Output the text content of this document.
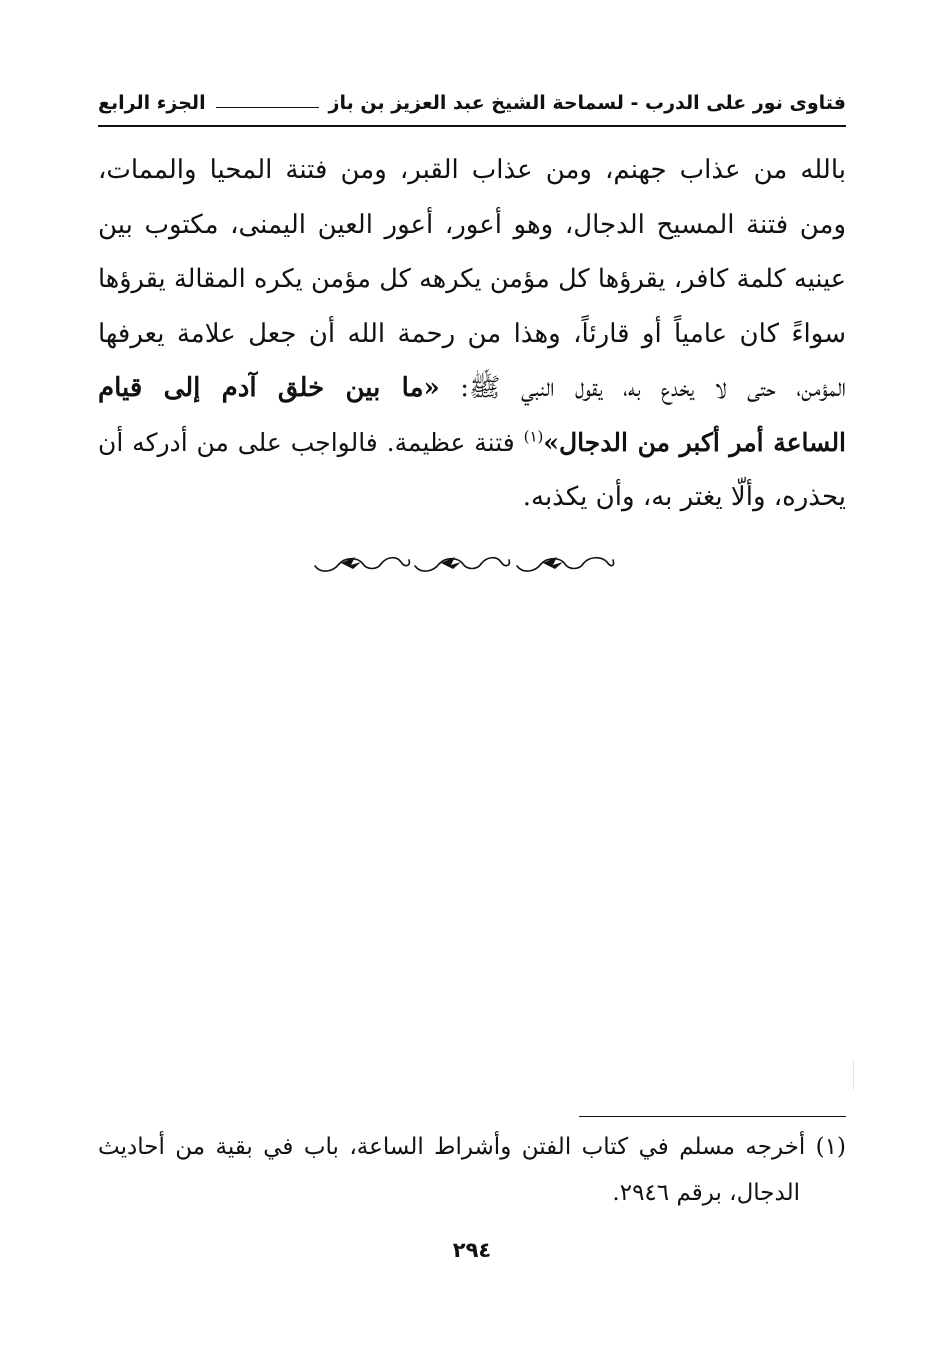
فتاوى نور على الدرب - لسماحة الشيخ عبد العزيز بن باز
الجزء الرابع
بالله من عذاب جهنم، ومن عذاب القبر، ومن فتنة المحيا والممات،
ومن فتنة المسيح الدجال، وهو أعور، أعور العين اليمنى، مكتوب بين
عينيه كلمة كافر، يقرؤها كل مؤمن يكرهه كل مؤمن يكره المقالة يقرؤها
سواءً كان عامياً أو قارئاً، وهذا من رحمة الله أن جعل علامة يعرفها
المؤمن، حتى لا يخدع به، يقول النبي ﷺ: «ما بين خلق آدم إلى قيام
الساعة أمر أكبر من الدجال»$^{(١)}$ فتنة عظيمة. فالواجب على من أدركه أن
يحذره، وألّا يغتر به، وأن يكذبه.
(١) أخرجه مسلم في كتاب الفتن وأشراط الساعة، باب في بقية من أحاديث
الدجال، برقم ٢٩٤٦.
٢٩٤
